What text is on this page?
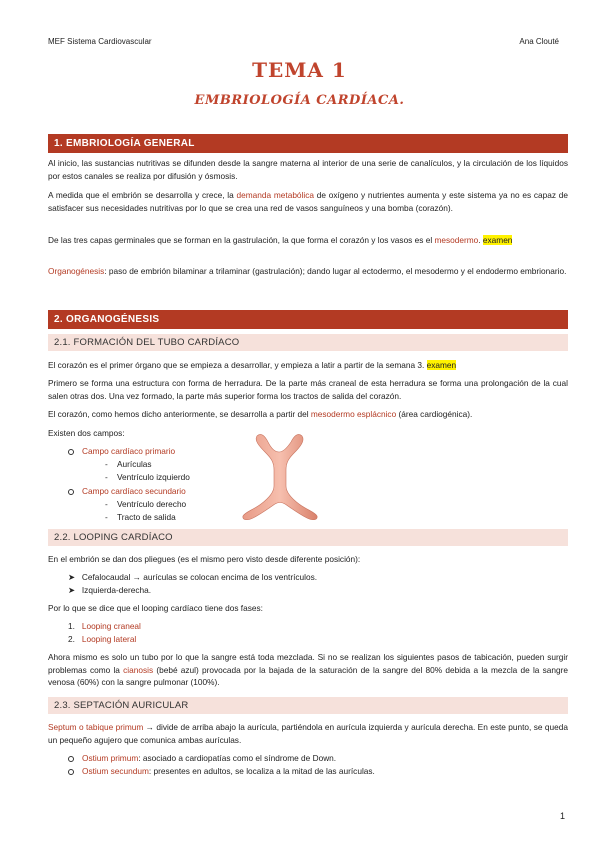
MEF Sistema Cardiovascular	Ana Clouté
TEMA 1
EMBRIOLOGÍA CARDÍACA.
1. EMBRIOLOGÍA GENERAL
Al inicio, las sustancias nutritivas se difunden desde la sangre materna al interior de una serie de canalículos, y la circulación de los líquidos por estos canales se realiza por difusión y ósmosis.
A medida que el embrión se desarrolla y crece, la demanda metabólica de oxígeno y nutrientes aumenta y este sistema ya no es capaz de satisfacer sus necesidades nutritivas por lo que se crea una red de vasos sanguíneos y una bomba (corazón).
De las tres capas germinales que se forman en la gastrulación, la que forma el corazón y los vasos es el mesodermo. examen
Organogénesis: paso de embrión bilaminar a trilaminar (gastrulación); dando lugar al ectodermo, el mesodermo y el endodermo embrionario.
2. ORGANOGÉNESIS
2.1. FORMACIÓN DEL TUBO CARDÍACO
El corazón es el primer órgano que se empieza a desarrollar, y empieza a latir a partir de la semana 3. examen
Primero se forma una estructura con forma de herradura. De la parte más craneal de esta herradura se forma una prolongación de la cual salen otras dos. Una vez formado, la parte más superior forma los tractos de salida del corazón.
El corazón, como hemos dicho anteriormente, se desarrolla a partir del mesodermo esplácnico (área cardiogénica).
Existen dos campos:
Campo cardíaco primario
-    Aurículas
-    Ventrículo izquierdo
Campo cardíaco secundario
-    Ventrículo derecho
-    Tracto de salida
2.2. LOOPING CARDÍACO
En el embrión se dan dos pliegues (es el mismo pero visto desde diferente posición):
➤   Cefalocaudal → aurículas se colocan encima de los ventrículos.
➤   Izquierda-derecha.
Por lo que se dice que el looping cardíaco tiene dos fases:
1. Looping craneal
2. Looping lateral
Ahora mismo es solo un tubo por lo que la sangre está toda mezclada. Si no se realizan los siguientes pasos de tabicación, pueden surgir problemas como la cianosis (bebé azul) provocada por la bajada de la saturación de la sangre del 80% debida a la mezcla de la sangre venosa (60%) con la sangre pulmonar (100%).
2.3. SEPTACIÓN AURICULAR
Septum o tabique primum → divide de arriba abajo la aurícula, partiéndola en aurícula izquierda y aurícula derecha. En este punto, se queda un pequeño agujero que comunica ambas aurículas.
Ostium primum: asociado a cardiopatías como el síndrome de Down.
Ostium secundum: presentes en adultos, se localiza a la mitad de las aurículas.
1
